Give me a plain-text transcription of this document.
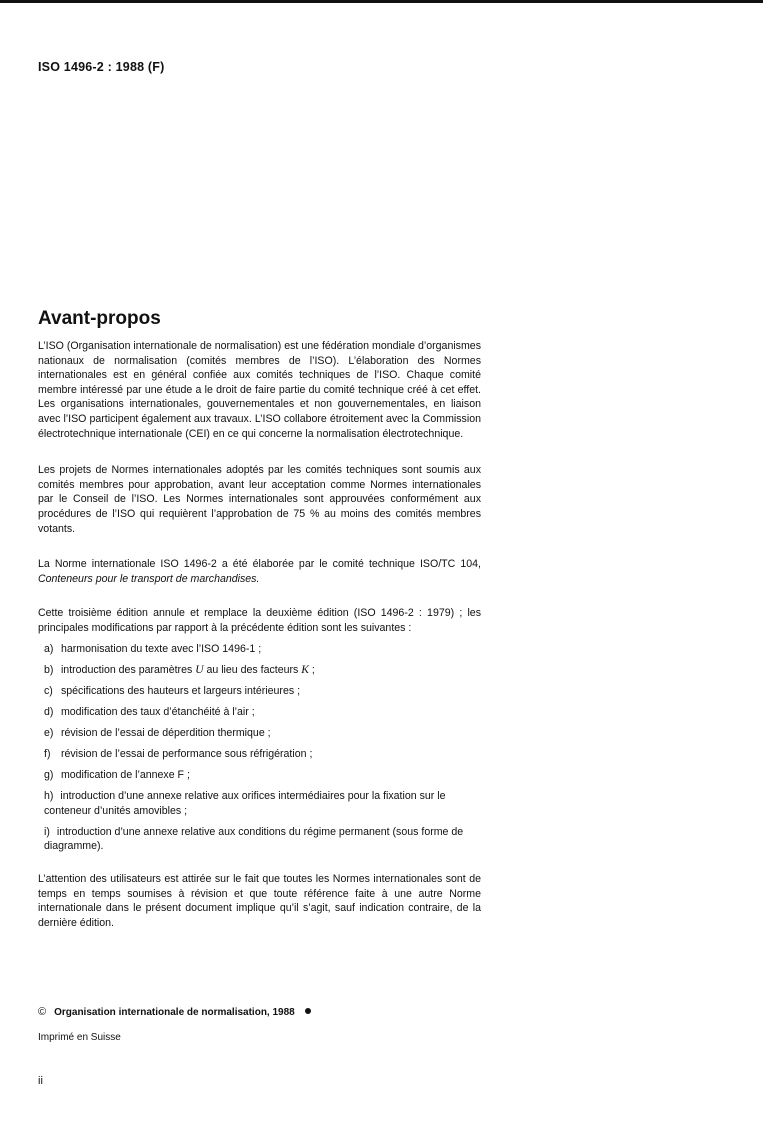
ISO 1496-2 : 1988 (F)
Avant-propos

L’ISO (Organisation internationale de normalisation) est une fédération mondiale d’organismes nationaux de normalisation (comités membres de l’ISO). L’élaboration des Normes internationales est en général confiée aux comités techniques de l’ISO. Chaque comité membre intéressé par une étude a le droit de faire partie du comité technique créé à cet effet. Les organisations internationales, gouvernementales et non gouvernementales, en liaison avec l’ISO participent également aux travaux. L’ISO collabore étroitement avec la Commission électrotechnique internationale (CEI) en ce qui concerne la normalisation électrotechnique.

Les projets de Normes internationales adoptés par les comités techniques sont soumis aux comités membres pour approbation, avant leur acceptation comme Normes internationales par le Conseil de l’ISO. Les Normes internationales sont approuvées conformément aux procédures de l’ISO qui requièrent l’approbation de 75 % au moins des comités membres votants.

La Norme internationale ISO 1496-2 a été élaborée par le comité technique ISO/TC 104, Conteneurs pour le transport de marchandises.

Cette troisième édition annule et remplace la deuxième édition (ISO 1496-2 : 1979) ; les principales modifications par rapport à la précédente édition sont les suivantes :

a) harmonisation du texte avec l’ISO 1496-1 ;
b) introduction des paramètres U au lieu des facteurs K ;
c) spécifications des hauteurs et largeurs intérieures ;
d) modification des taux d’étanchéité à l’air ;
e) révision de l’essai de déperdition thermique ;
f) révision de l’essai de performance sous réfrigération ;
g) modification de l’annexe F ;
h) introduction d’une annexe relative aux orifices intermédiaires pour la fixation sur le conteneur d’unités amovibles ;
i) introduction d’une annexe relative aux conditions du régime permanent (sous forme de diagramme).

L’attention des utilisateurs est attirée sur le fait que toutes les Normes internationales sont de temps en temps soumises à révision et que toute référence faite à une autre Norme internationale dans le présent document implique qu’il s’agit, sauf indication contraire, de la dernière édition.

© Organisation internationale de normalisation, 1988
Imprimé en Suisse
ii
